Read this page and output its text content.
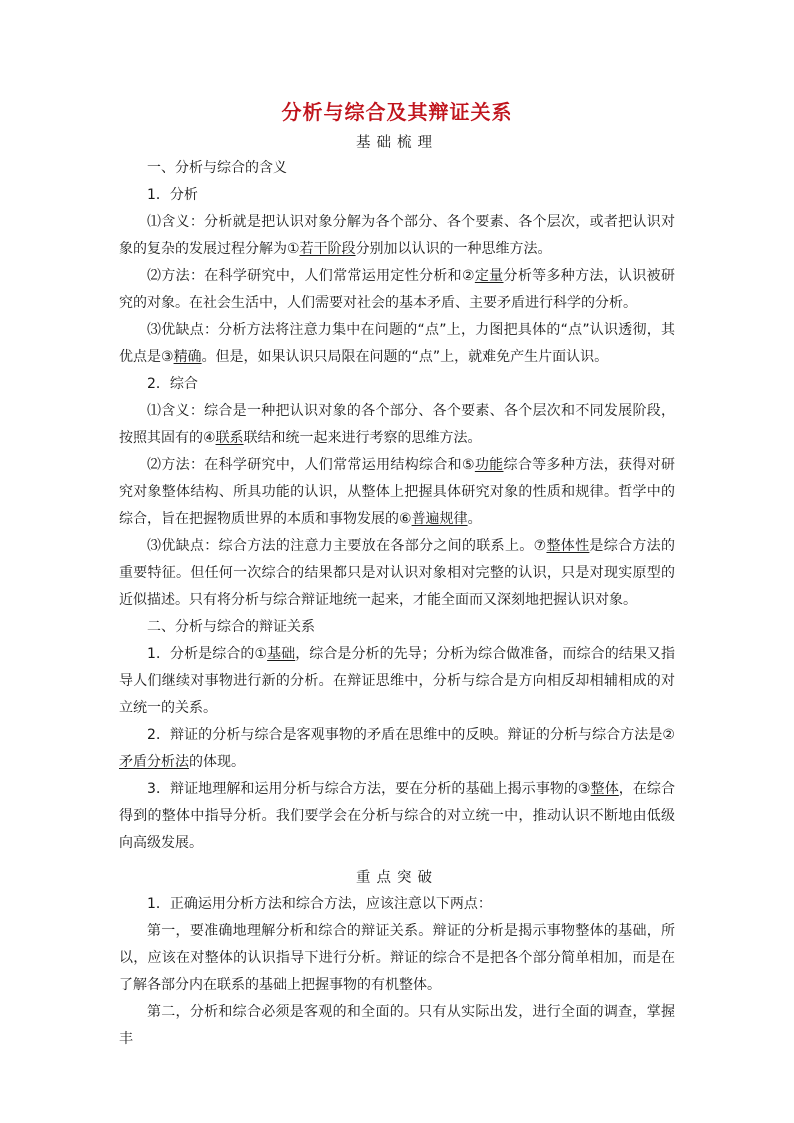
分析与综合及其辩证关系
基础梳理

一、分析与综合的含义

1．分析

⑴含义：分析就是把认识对象分解为各个部分、各个要素、各个层次，或者把认识对象的复杂的发展过程分解为①若干阶段分别加以认识的一种思维方法。

⑵方法：在科学研究中，人们常常运用定性分析和②定量分析等多种方法，认识被研究的对象。在社会生活中，人们需要对社会的基本矛盾、主要矛盾进行科学的分析。

⑶优缺点：分析方法将注意力集中在问题的“点”上，力图把具体的“点”认识透彻，其优点是③精确。但是，如果认识只局限在问题的“点”上，就难免产生片面认识。

2．综合

⑴含义：综合是一种把认识对象的各个部分、各个要素、各个层次和不同发展阶段，按照其固有的④联系联结和统一起来进行考察的思维方法。

⑵方法：在科学研究中，人们常常运用结构综合和⑤功能综合等多种方法，获得对研究对象整体结构、所具功能的认识，从整体上把握具体研究对象的性质和规律。哲学中的综合，旨在把握物质世界的本质和事物发展的⑥普遍规律。

⑶优缺点：综合方法的注意力主要放在各部分之间的联系上。⑦整体性是综合方法的重要特征。但任何一次综合的结果都只是对认识对象相对完整的认识，只是对现实原型的近似描述。只有将分析与综合辩证地统一起来，才能全面而又深刻地把握认识对象。

二、分析与综合的辩证关系

1．分析是综合的①基础，综合是分析的先导；分析为综合做准备，而综合的结果又指导人们继续对事物进行新的分析。在辩证思维中，分析与综合是方向相反却相辅相成的对立统一的关系。

2．辩证的分析与综合是客观事物的矛盾在思维中的反映。辩证的分析与综合方法是②矛盾分析法的体现。

3．辩证地理解和运用分析与综合方法，要在分析的基础上揭示事物的③整体，在综合得到的整体中指导分析。我们要学会在分析与综合的对立统一中，推动认识不断地由低级向高级发展。

重点突破

1．正确运用分析方法和综合方法，应该注意以下两点：

第一，要准确地理解分析和综合的辩证关系。辩证的分析是揭示事物整体的基础，所以，应该在对整体的认识指导下进行分析。辩证的综合不是把各个部分简单相加，而是在了解各部分内在联系的基础上把握事物的有机整体。

第二，分析和综合必须是客观的和全面的。只有从实际出发，进行全面的调查，掌握丰
